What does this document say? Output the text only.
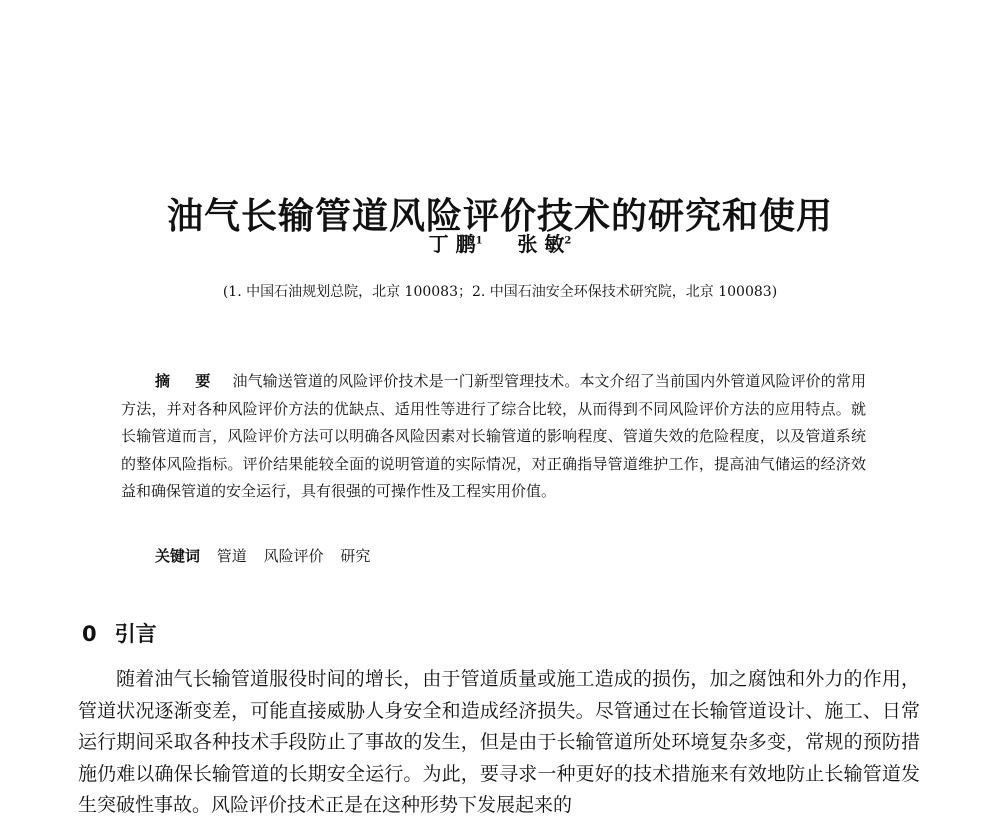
油气长输管道风险评价技术的研究和使用
丁 鹏$^1$ 张 敏$^2$
(1. 中国石油规划总院，北京 100083；2. 中国石油安全环保技术研究院，北京 100083)
摘 要 油气输送管道的风险评价技术是一门新型管理技术。本文介绍了当前国内外管道风险评价的常用方法，并对各种风险评价方法的优缺点、适用性等进行了综合比较，从而得到不同风险评价方法的应用特点。就长输管道而言，风险评价方法可以明确各风险因素对长输管道的影响程度、管道失效的危险程度，以及管道系统的整体风险指标。评价结果能较全面的说明管道的实际情况，对正确指导管道维护工作，提高油气储运的经济效益和确保管道的安全运行，具有很强的可操作性及工程实用价值。
关键词 管道 风险评价 研究
0 引言
随着油气长输管道服役时间的增长，由于管道质量或施工造成的损伤，加之腐蚀和外力的作用，管道状况逐渐变差，可能直接威胁人身安全和造成经济损失。尽管通过在长输管道设计、施工、日常运行期间采取各种技术手段防止了事故的发生，但是由于长输管道所处环境复杂多变，常规的预防措施仍难以确保长输管道的长期安全运行。为此，要寻求一种更好的技术措施来有效地防止长输管道发生突破性事故。风险评价技术正是在这种形势下发展起来的
